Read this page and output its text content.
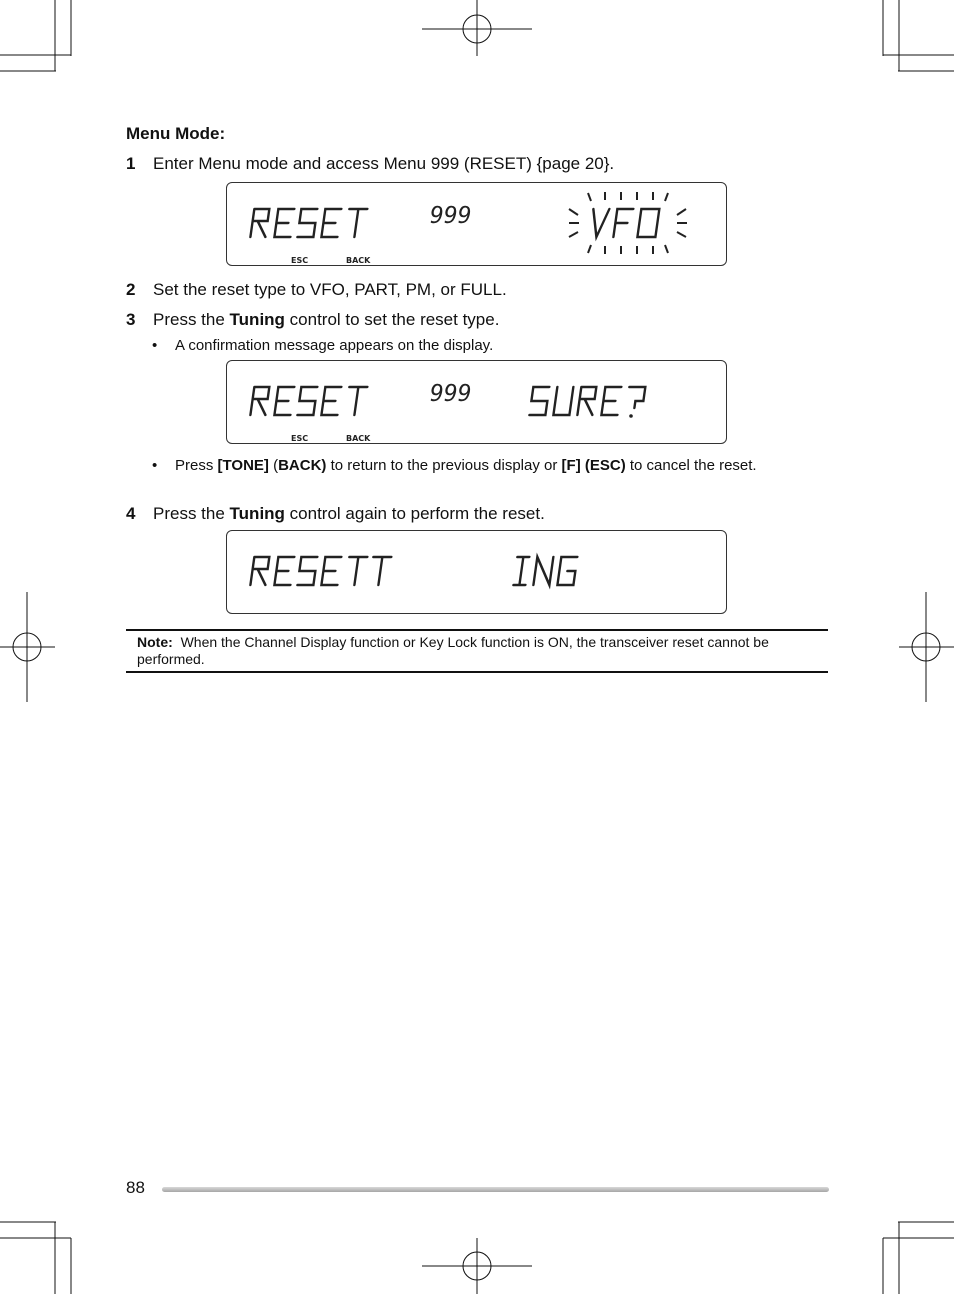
Menu Mode:
1 Enter Menu mode and access Menu 999 (RESET) {page 20}.
999
ESC	BACK
2 Set the reset type to VFO, PART, PM, or FULL.
3 Press the Tuning control to set the reset type.
• A confirmation message appears on the display.
999
ESC	BACK
• Press [TONE] (BACK) to return to the previous display or [F] (ESC) to cancel the reset.
4 Press the Tuning control again to perform the reset.
Note: When the Channel Display function or Key Lock function is ON, the transceiver reset cannot be performed.
88
